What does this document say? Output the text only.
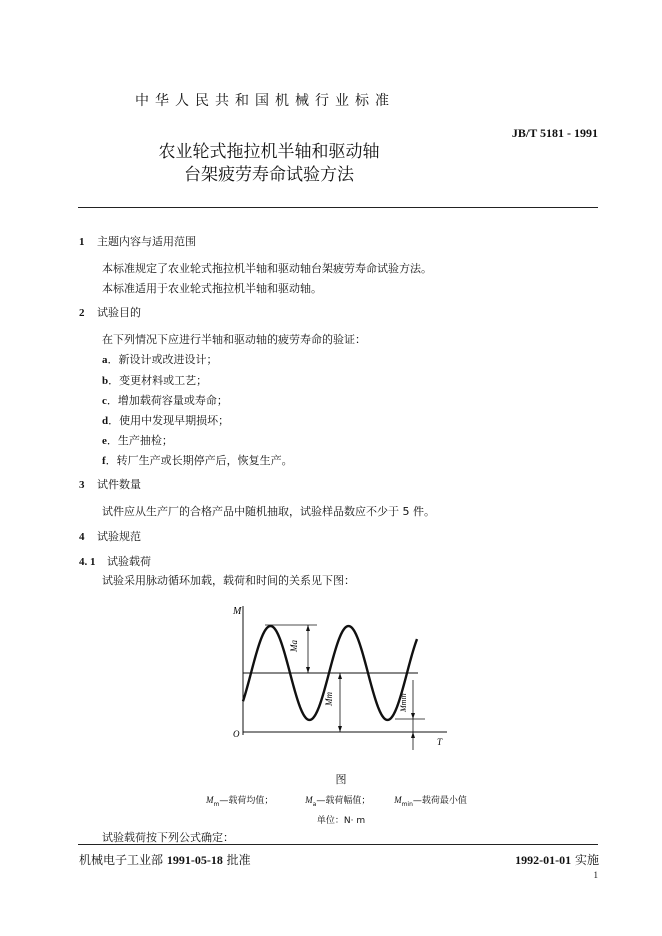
中华人民共和国机械行业标准
JB/T 5181 - 1991
农业轮式拖拉机半轴和驱动轴
台架疲劳寿命试验方法
1 主题内容与适用范围
本标准规定了农业轮式拖拉机半轴和驱动轴台架疲劳寿命试验方法。
本标准适用于农业轮式拖拉机半轴和驱动轴。
2 试验目的
在下列情况下应进行半轴和驱动轴的疲劳寿命的验证：
a．新设计或改进设计；
b．变更材料或工艺；
c．增加载荷容量或寿命；
d．使用中发现早期损坏；
e．生产抽检；
f．转厂生产或长期停产后，恢复生产。
3 试件数量
试件应从生产厂的合格产品中随机抽取，试验样品数应不少于 5 件。
4 试验规范
4. 1 试验载荷
试验采用脉动循环加载，载荷和时间的关系见下图：
Ma
Mm	Mmin
M
O
T
图
$M_m—$载荷均值；	$M_a—$载荷幅值；	$M_{min}—$载荷最小值
单位：N· m
试验载荷按下列公式确定：
机械电子工业部 1991-05-18 批准	1992-01-01 实施
1
